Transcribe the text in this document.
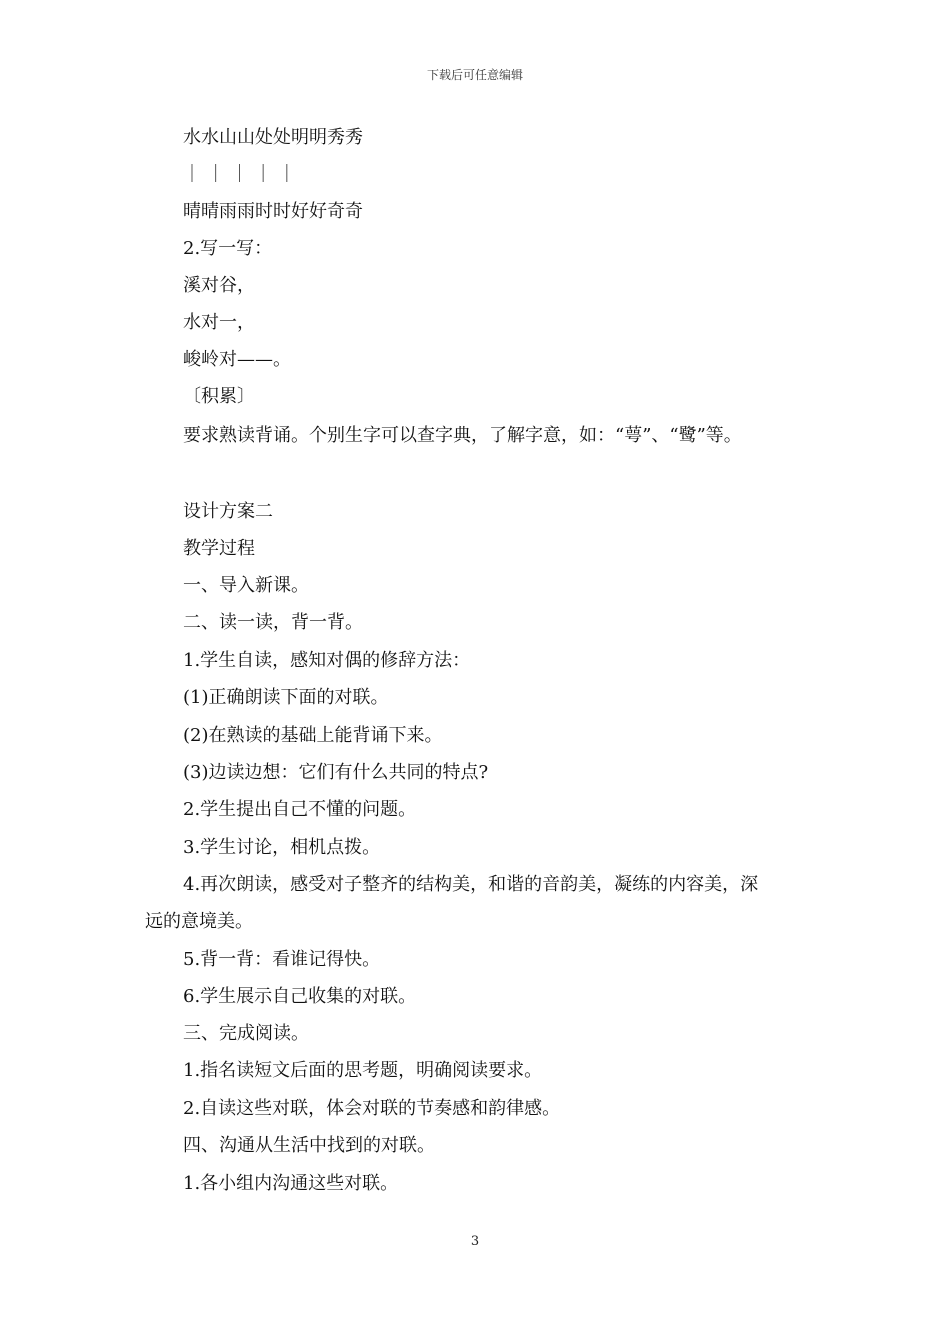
下载后可任意编辑
水水山山处处明明秀秀
｜ ｜ ｜ ｜ ｜
晴晴雨雨时时好好奇奇
2.写一写：
溪对谷，
水对一，
峻岭对——。
〔积累〕
要求熟读背诵。个别生字可以查字典，了解字意，如：“萼”、“鹭”等。
设计方案二
教学过程
一、导入新课。
二、读一读，背一背。
1.学生自读，感知对偶的修辞方法：
(1)正确朗读下面的对联。
(2)在熟读的基础上能背诵下来。
(3)边读边想：它们有什么共同的特点?
2.学生提出自己不懂的问题。
3.学生讨论，相机点拨。
4.再次朗读，感受对子整齐的结构美，和谐的音韵美，凝练的内容美，深
远的意境美。
5.背一背：看谁记得快。
6.学生展示自己收集的对联。
三、完成阅读。
1.指名读短文后面的思考题，明确阅读要求。
2.自读这些对联，体会对联的节奏感和韵律感。
四、沟通从生活中找到的对联。
1.各小组内沟通这些对联。
3
